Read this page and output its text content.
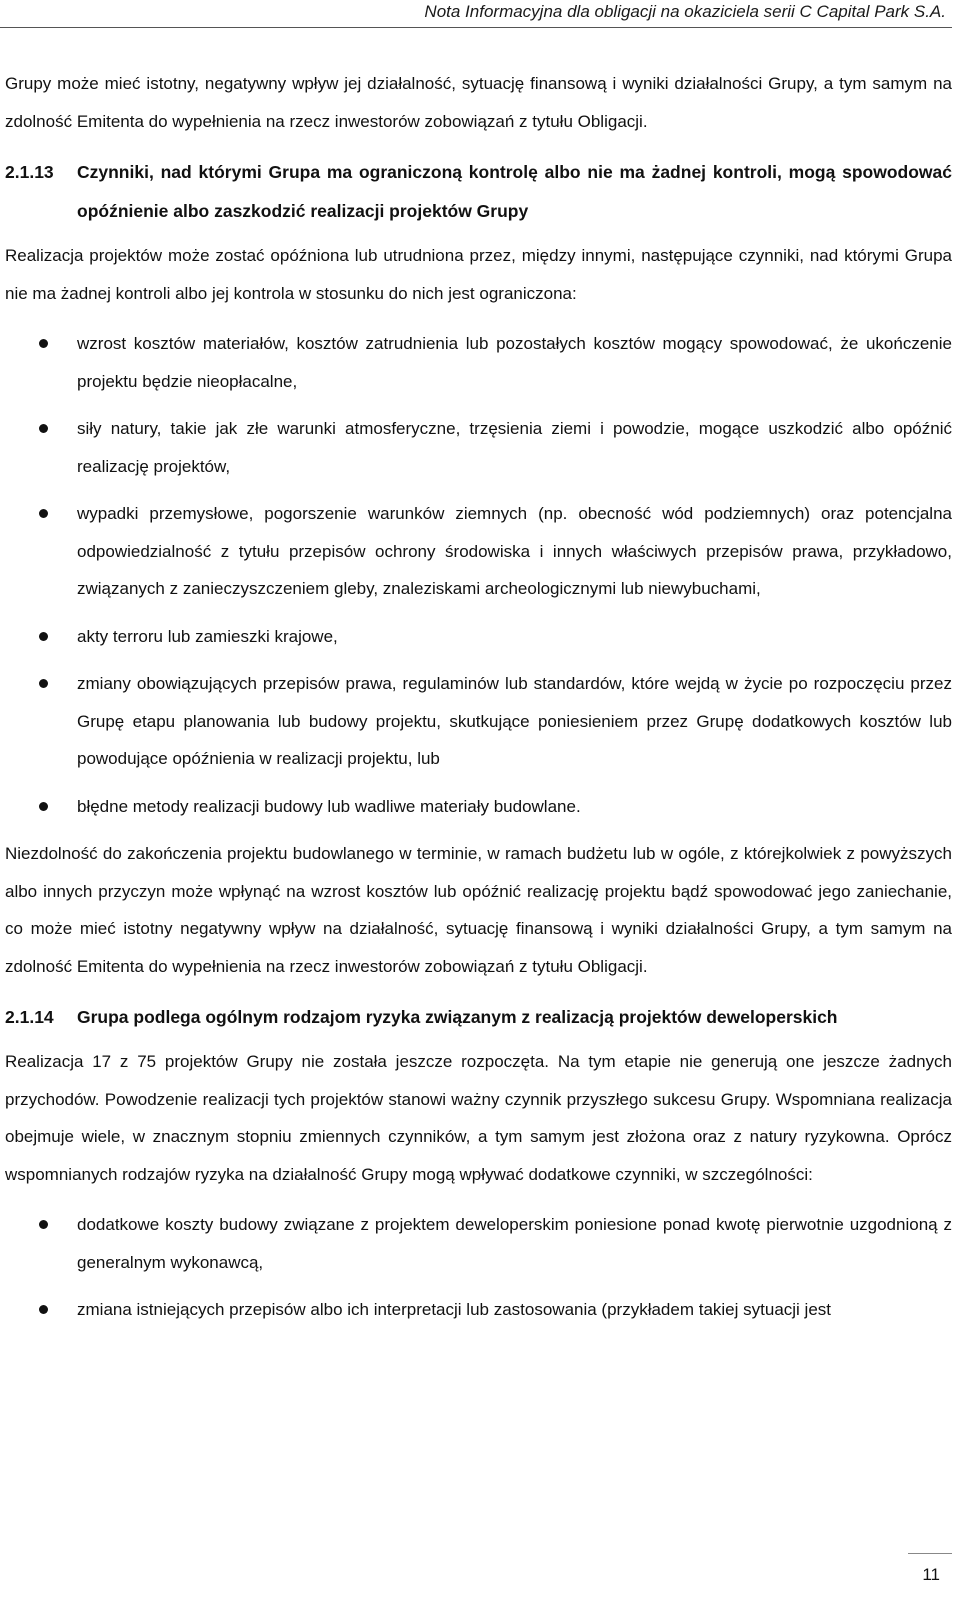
Nota Informacyjna dla obligacji na okaziciela serii C Capital Park S.A.

Grupy może mieć istotny, negatywny wpływ jej działalność, sytuację finansową i wyniki działalności Grupy, a tym samym na zdolność Emitenta do wypełnienia na rzecz inwestorów zobowiązań z tytułu Obligacji.

2.1.13	Czynniki, nad którymi Grupa ma ograniczoną kontrolę albo nie ma żadnej kontroli, mogą spowodować opóźnienie albo zaszkodzić realizacji projektów Grupy

Realizacja projektów może zostać opóźniona lub utrudniona przez, między innymi, następujące czynniki, nad którymi Grupa nie ma żadnej kontroli albo jej kontrola w stosunku do nich jest ograniczona:

wzrost kosztów materiałów, kosztów zatrudnienia lub pozostałych kosztów mogący spowodować, że ukończenie projektu będzie nieopłacalne,
siły natury, takie jak złe warunki atmosferyczne, trzęsienia ziemi i powodzie, mogące uszkodzić albo opóźnić realizację projektów,
wypadki przemysłowe, pogorszenie warunków ziemnych (np. obecność wód podziemnych) oraz potencjalna odpowiedzialność z tytułu przepisów ochrony środowiska i innych właściwych przepisów prawa, przykładowo, związanych z zanieczyszczeniem gleby, znaleziskami archeologicznymi lub niewybuchami,
akty terroru lub zamieszki krajowe,
zmiany obowiązujących przepisów prawa, regulaminów lub standardów, które wejdą w życie po rozpoczęciu przez Grupę etapu planowania lub budowy projektu, skutkujące poniesieniem przez Grupę dodatkowych kosztów lub powodujące opóźnienia w realizacji projektu, lub
błędne metody realizacji budowy lub wadliwe materiały budowlane.

Niezdolność do zakończenia projektu budowlanego w terminie, w ramach budżetu lub w ogóle, z którejkolwiek z powyższych albo innych przyczyn może wpłynąć na wzrost kosztów lub opóźnić realizację projektu bądź spowodować jego zaniechanie, co może mieć istotny negatywny wpływ na działalność, sytuację finansową i wyniki działalności Grupy, a tym samym na zdolność Emitenta do wypełnienia na rzecz inwestorów zobowiązań z tytułu Obligacji.

2.1.14	Grupa podlega ogólnym rodzajom ryzyka związanym z realizacją projektów deweloperskich

Realizacja 17 z 75 projektów Grupy nie została jeszcze rozpoczęta. Na tym etapie nie generują one jeszcze żadnych przychodów. Powodzenie realizacji tych projektów stanowi ważny czynnik przyszłego sukcesu Grupy. Wspomniana realizacja obejmuje wiele, w znacznym stopniu zmiennych czynników, a tym samym jest złożona oraz z natury ryzykowna. Oprócz wspomnianych rodzajów ryzyka na działalność Grupy mogą wpływać dodatkowe czynniki, w szczególności:

dodatkowe koszty budowy związane z projektem deweloperskim poniesione ponad kwotę pierwotnie uzgodnioną z generalnym wykonawcą,
zmiana istniejących przepisów albo ich interpretacji lub zastosowania (przykładem takiej sytuacji jest
11
